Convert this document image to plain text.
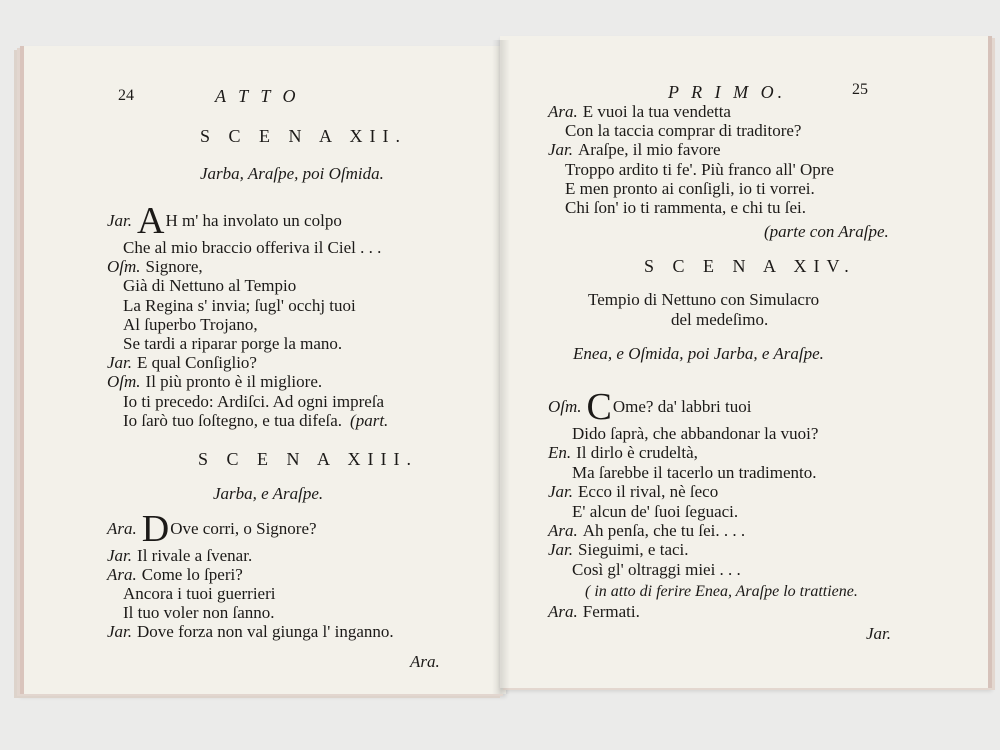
24	A T T O
S C E N A XII.
Jarba, Araſpe, poi Oſmida.
Jar. AH m' ha involato un colpo
Che al mio braccio offeriva il Ciel . . .
Oſm. Signore,
Già di Nettuno al Tempio
La Regina s' invia; ſugl' occhj tuoi
Al ſuperbo Trojano,
Se tardi a riparar porge la mano.
Jar. E qual Conſiglio?
Oſm. Il più pronto è il migliore.
Io ti precedo: Ardiſci. Ad ogni impreſa
Io ſarò tuo ſoſtegno, e tua difeſa. (part.
S C E N A XIII.
Jarba, e Araſpe.
Ara. DOve corri, o Signore?
Jar. Il rivale a ſvenar.
Ara. Come lo ſperi?
Ancora i tuoi guerrieri
Il tuo voler non ſanno.
Jar. Dove forza non val giunga l' inganno.
Ara.
P R I M O.	25
Ara. E vuoi la tua vendetta
Con la taccia comprar di traditore?
Jar. Araſpe, il mio favore
Troppo ardito ti fe'. Più franco all' Opre
E men pronto ai conſigli, io ti vorrei.
Chi ſon' io ti rammenta, e chi tu ſei.
(parte con Araſpe.
S C E N A XIV.
Tempio di Nettuno con Simulacro
del medeſimo.
Enea, e Oſmida, poi Jarba, e Araſpe.
Oſm. COme? da' labbri tuoi
Dido ſaprà, che abbandonar la vuoi?
En. Il dirlo è crudeltà,
Ma ſarebbe il tacerlo un tradimento.
Jar. Ecco il rival, nè ſeco
E' alcun de' ſuoi ſeguaci.
Ara. Ah penſa, che tu ſei. . . .
Jar. Sieguimi, e taci.
Così gl' oltraggi miei . . .
( in atto di ferire Enea, Araſpe lo trattiene.
Ara. Fermati.
Jar.
